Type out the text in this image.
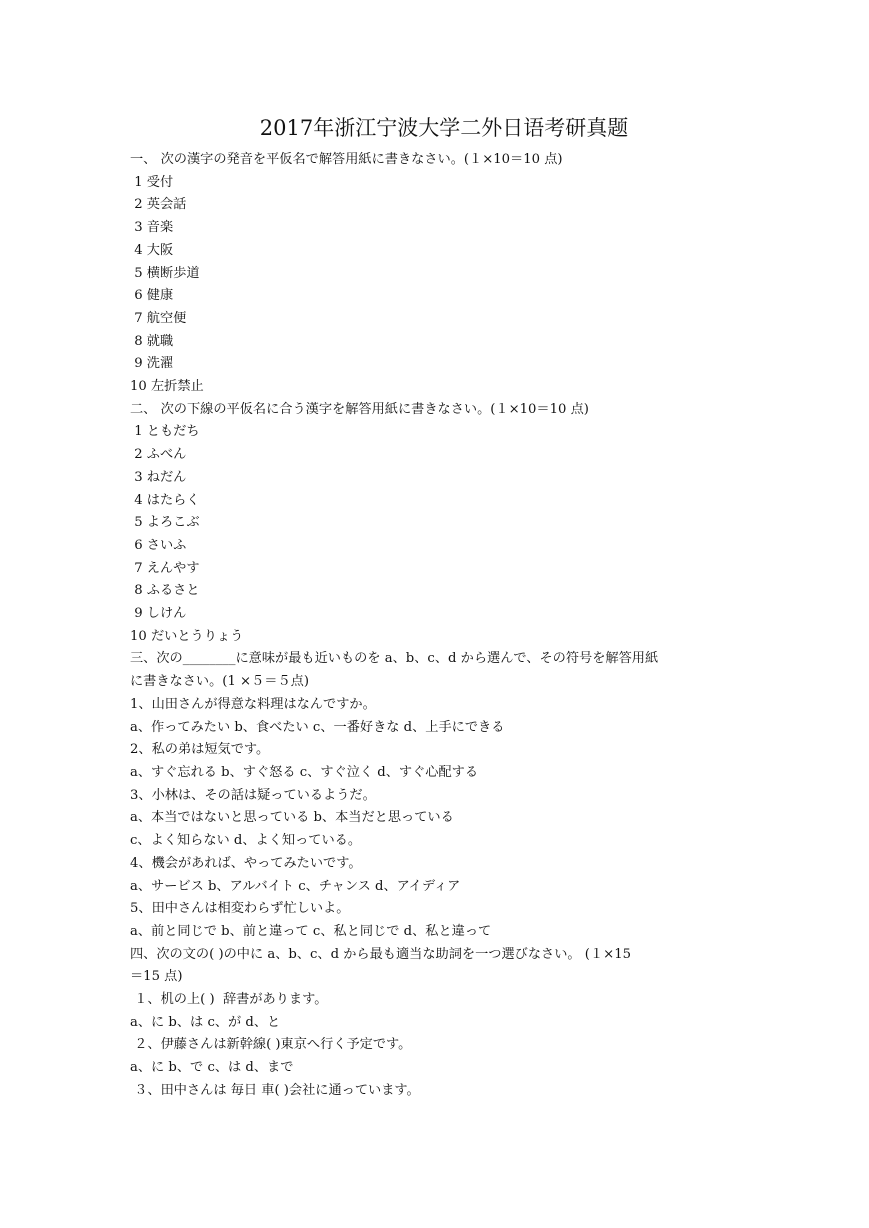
2017年浙江宁波大学二外日语考研真题
一、 次の漢字の発音を平仮名で解答用紙に書きなさい。(１×10＝10 点)
1 受付
2 英会話
3 音楽
4 大阪
5 横断歩道
6 健康
7 航空便
8 就職
9 洗濯
10 左折禁止
二、 次の下線の平仮名に合う漢字を解答用紙に書きなさい。(１×10＝10 点)
1 ともだち
2 ふべん
3 ねだん
4 はたらく
5 よろこぶ
6 さいふ
7 えんやす
8 ふるさと
9 しけん
10 だいとうりょう
三、次の________に意味が最も近いものを a、b、c、d から選んで、その符号を解答用紙
に書きなさい。(1 ×５＝５点)
1、山田さんが得意な料理はなんですか。
a、作ってみたい b、食べたい c、一番好きな d、上手にできる
2、私の弟は短気です。
a、すぐ忘れる b、すぐ怒る c、すぐ泣く d、すぐ心配する
3、小林は、その話は疑っているようだ。
a、本当ではないと思っている b、本当だと思っている
c、よく知らない d、よく知っている。
4、機会があれば、やってみたいです。
a、サービス b、アルバイト c、チャンス d、アイディア
5、田中さんは相変わらず忙しいよ。
a、前と同じで b、前と違って c、私と同じで d、私と違って
四、次の文の( )の中に a、b、c、d から最も適当な助詞を一つ選びなさい。 (１×15
＝15 点)
１、机の上( )  辞書があります。
a、に b、は c、が d、と
２、伊藤さんは新幹線( )東京へ行く予定です。
a、に b、で c、は d、まで
３、田中さんは 毎日 車( )会社に通っています。
